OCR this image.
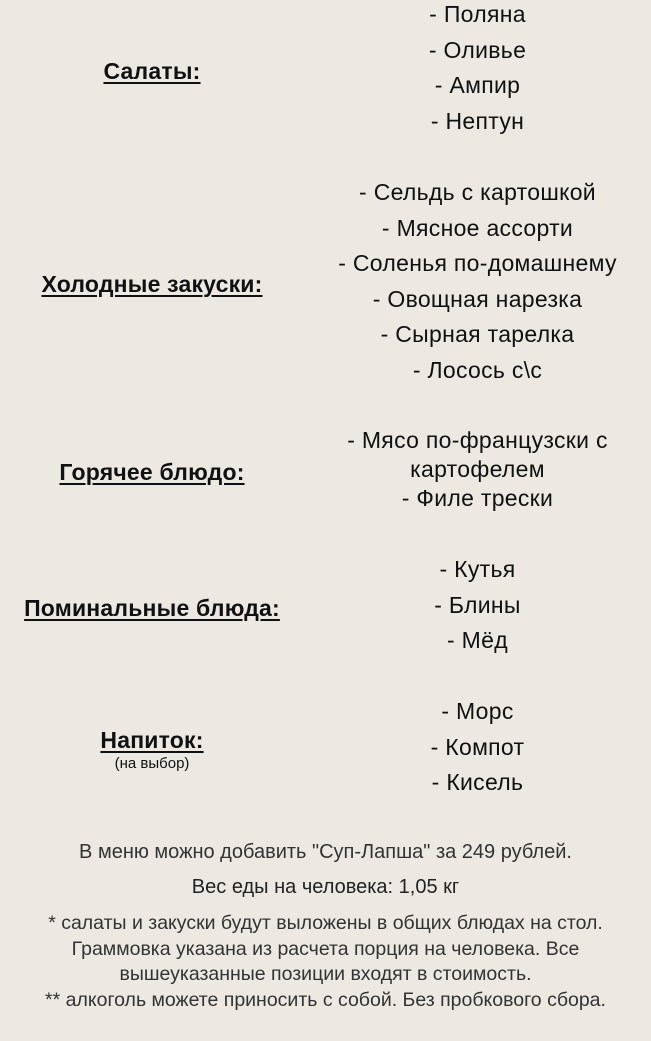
Салаты:
- Поляна
- Оливье
- Ампир
- Нептун
Холодные закуски:
- Сельдь с картошкой
- Мясное ассорти
- Соленья по-домашнему
- Овощная нарезка
- Сырная тарелка
- Лосось с\с
Горячее блюдо:
- Мясо по-французски с картофелем
- Филе трески
Поминальные блюда:
- Кутья
- Блины
- Мёд
Напиток:
(на выбор)
- Морс
- Компот
- Кисель
В меню можно добавить "Суп-Лапша" за 249 рублей.
Вес еды на человека: 1,05 кг
* салаты и закуски будут выложены в общих блюдах на стол. Граммовка указана из расчета порция на человека. Все вышеуказанные позиции входят в стоимость.
** алкоголь можете приносить с собой. Без пробкового сбора.
